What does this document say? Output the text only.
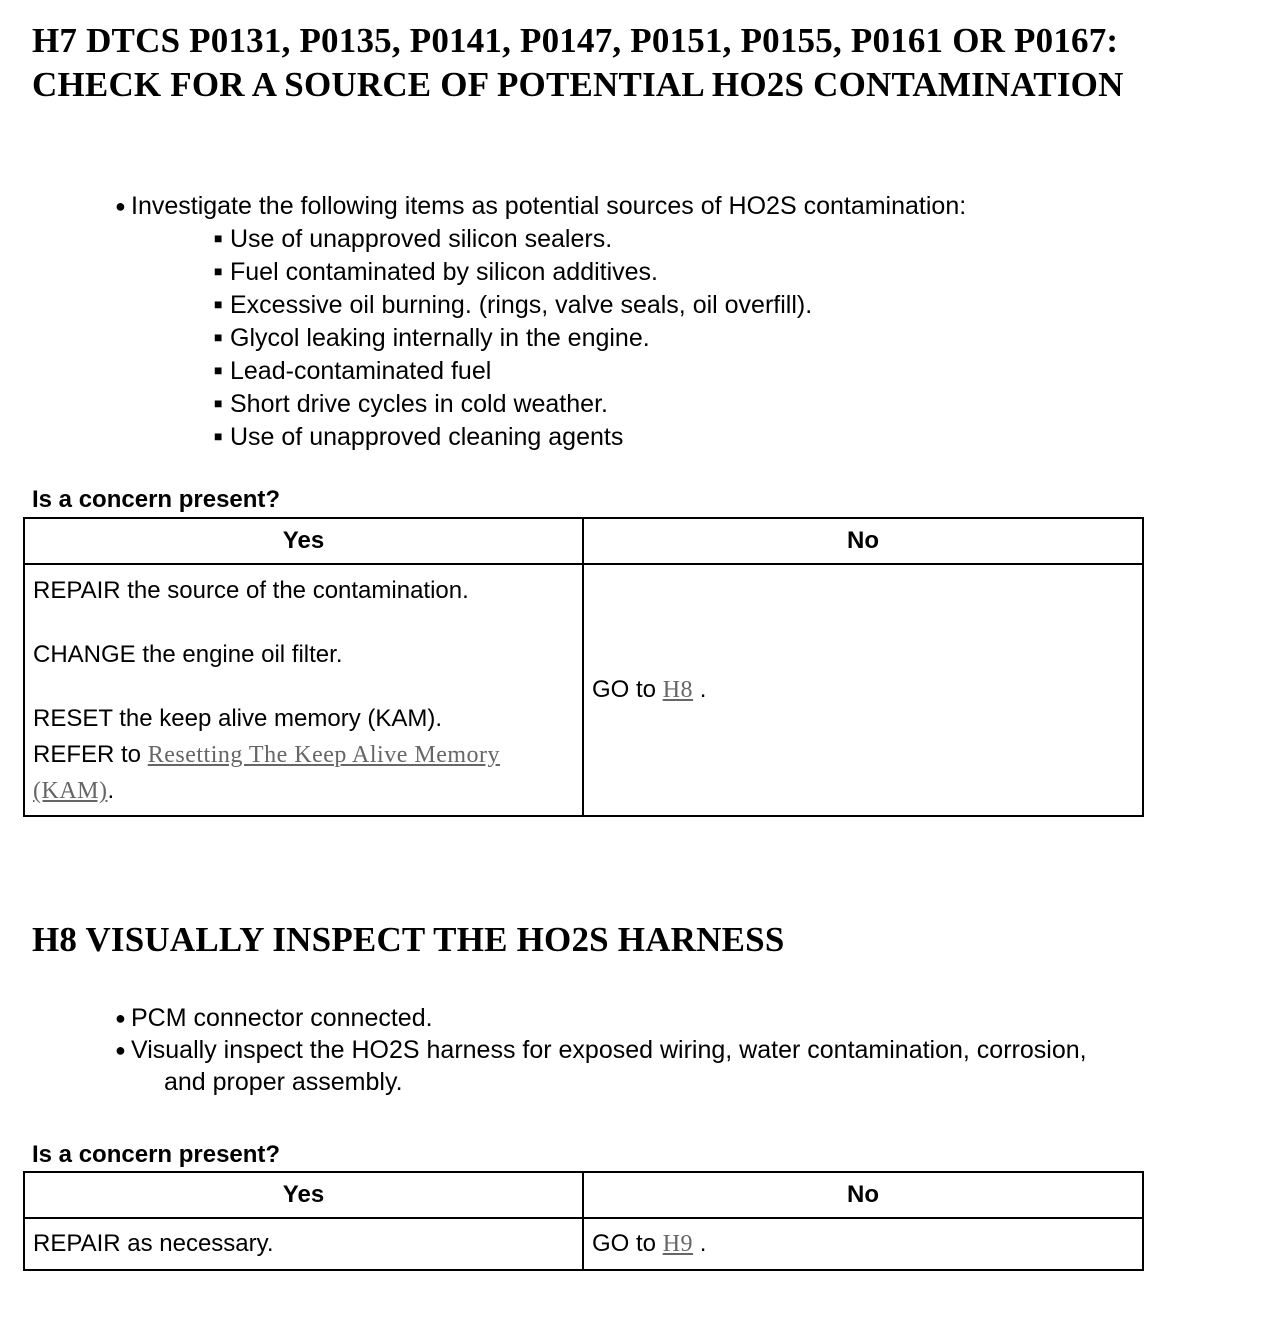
H7 DTCS P0131, P0135, P0141, P0147, P0151, P0155, P0161 OR P0167: CHECK FOR A SOURCE OF POTENTIAL HO2S CONTAMINATION
● Investigate the following items as potential sources of HO2S contamination:
■ Use of unapproved silicon sealers.
■ Fuel contaminated by silicon additives.
■ Excessive oil burning. (rings, valve seals, oil overfill).
■ Glycol leaking internally in the engine.
■ Lead-contaminated fuel
■ Short drive cycles in cold weather.
■ Use of unapproved cleaning agents

Is a concern present?

Yes	No

REPAIR the source of the contamination.

CHANGE the engine oil filter.

RESET the keep alive memory (KAM).

REFER to Resetting The Keep Alive Memory (KAM).	GO to H8 .
H8 VISUALLY INSPECT THE HO2S HARNESS
● PCM connector connected.
● Visually inspect the HO2S harness for exposed wiring, water contamination, corrosion,
and proper assembly.

Is a concern present?

Yes	No
REPAIR as necessary.	GO to H9 .
